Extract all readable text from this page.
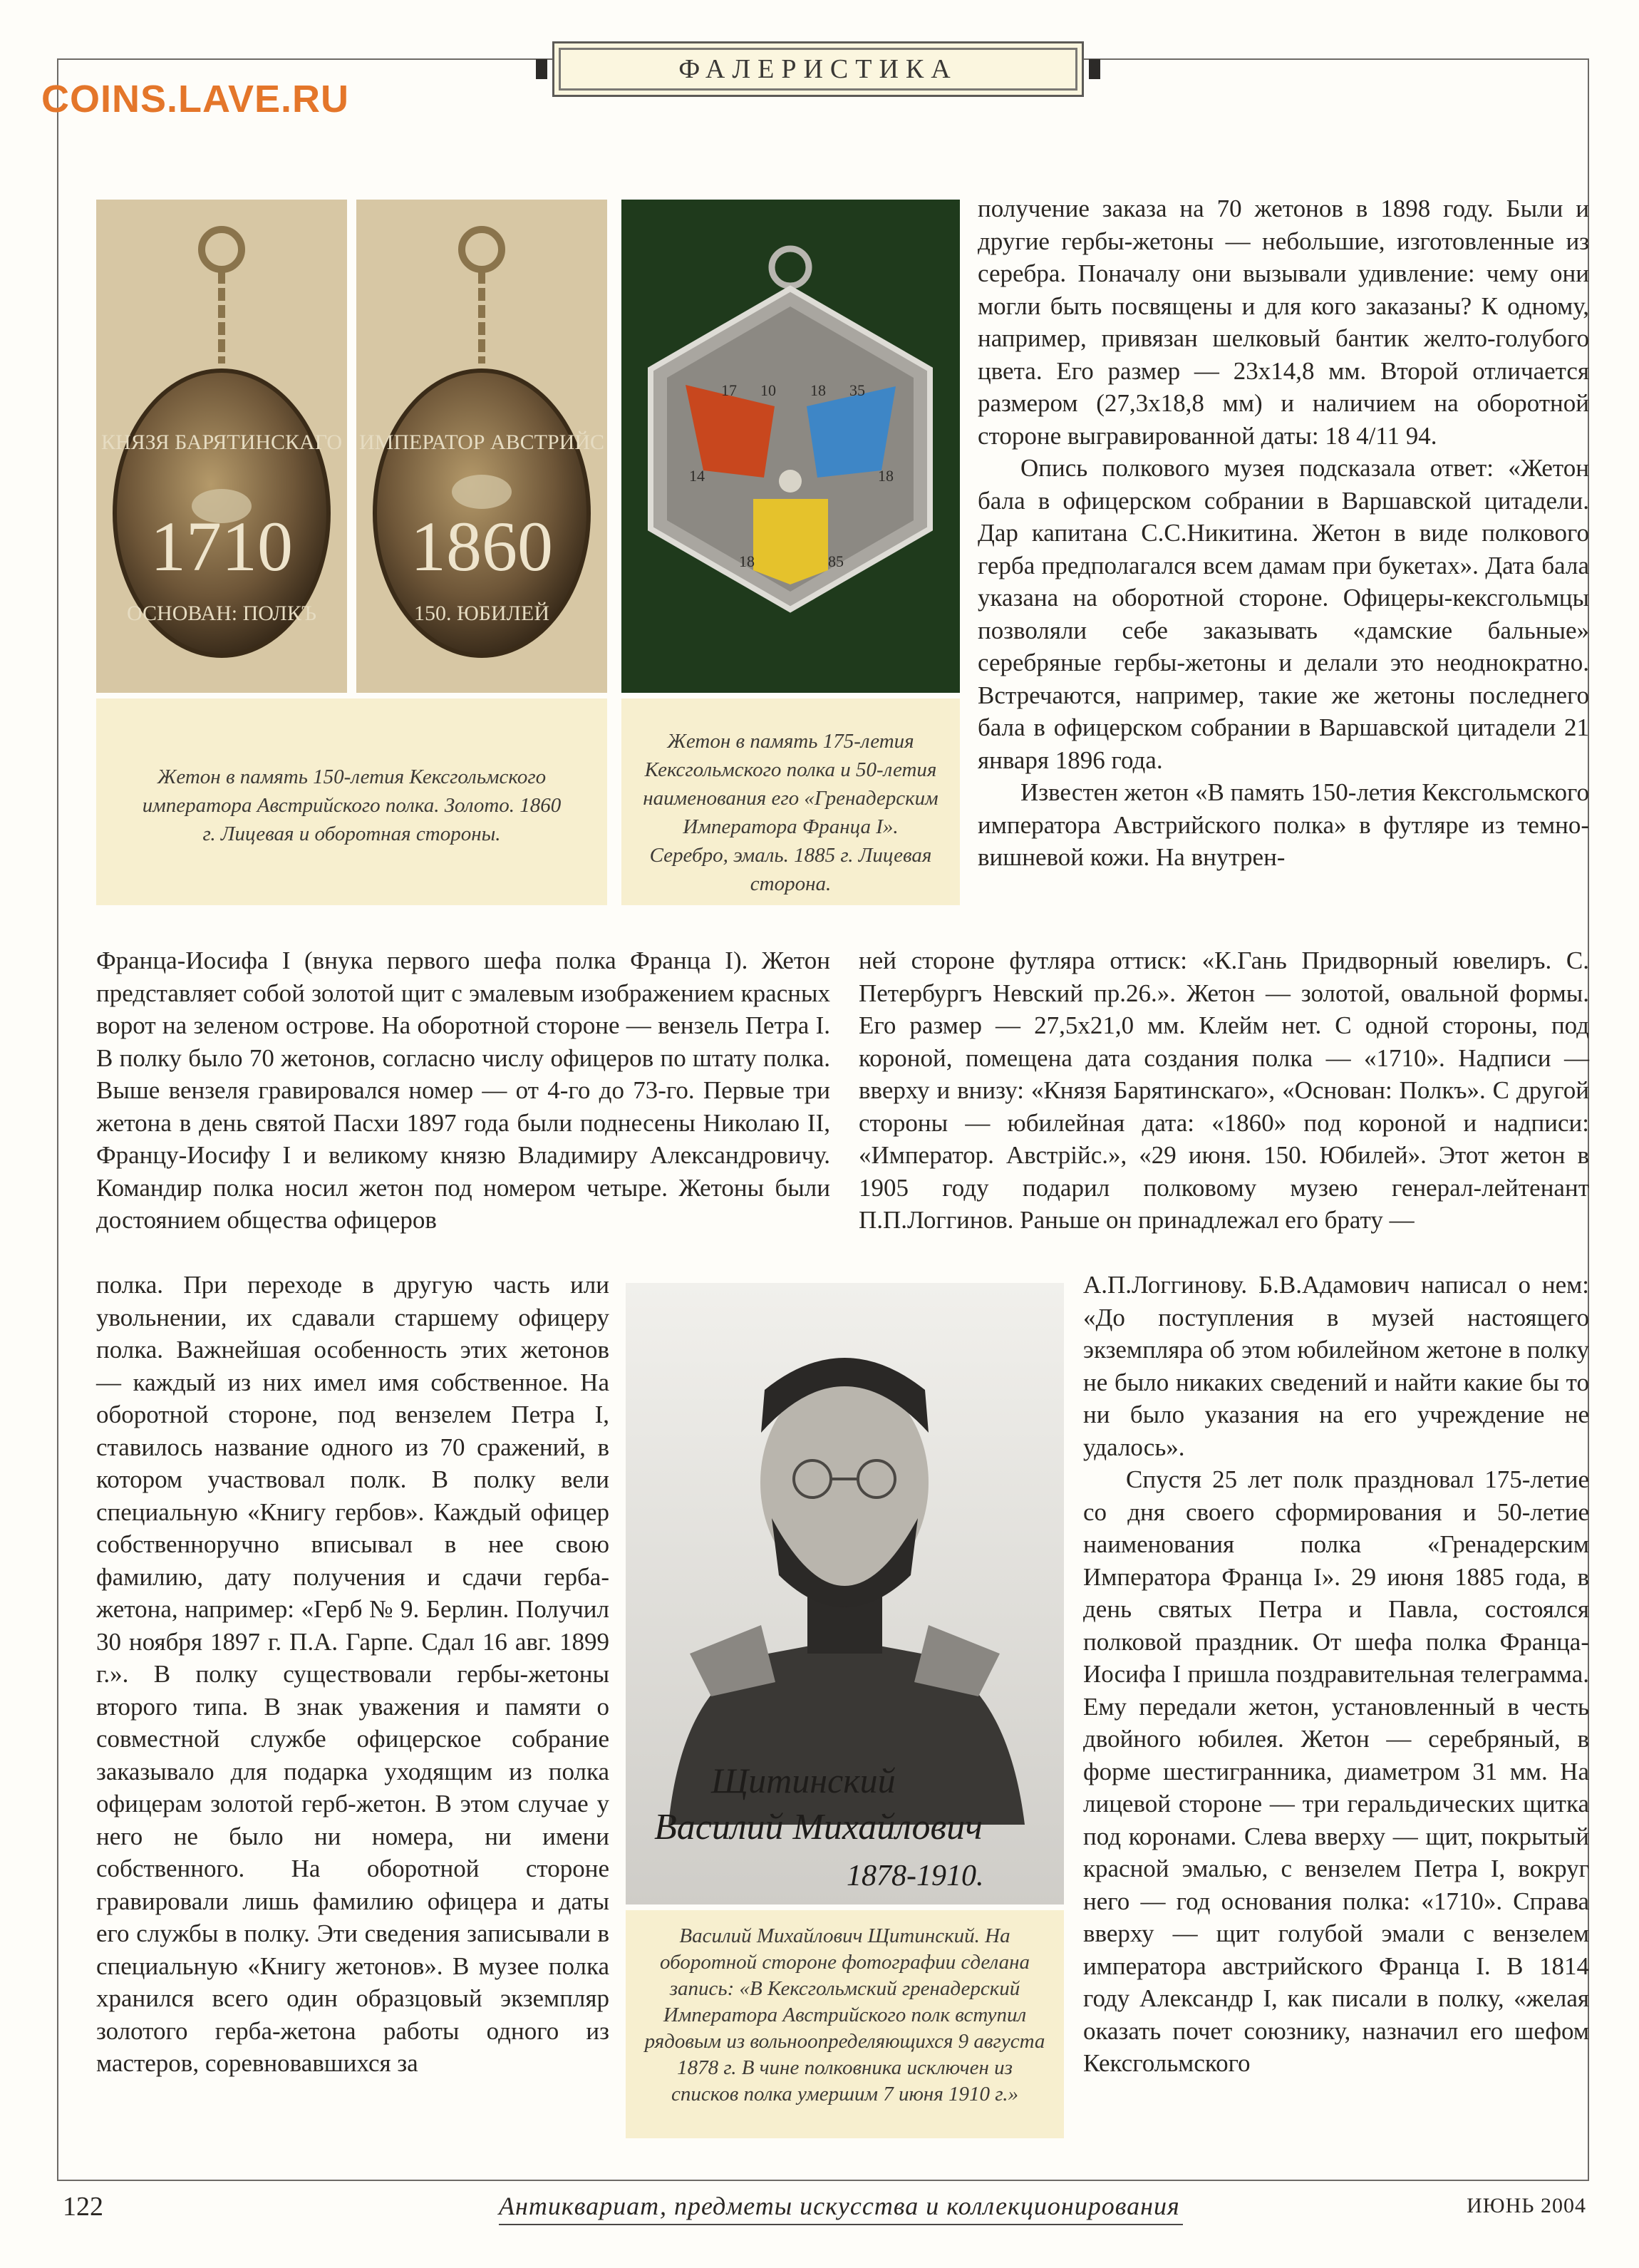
ФАЛЕРИСТИКА
COINS.LAVE.RU
КНЯЗЯ БАРЯТИНСКАГО
1710
ОСНОВАН: ПОЛКЪ
ИМПЕРАТОР АВСТРИЙС
1860
150. ЮБИЛЕЙ
Жетон в память 150-летия Кексгольмского императора Австрийского полка. Золото. 1860 г. Лицевая и оборотная стороны.
17 10 18 35
14	18
18	85
Жетон в память 175-летия Кексгольмского полка и 50-летия наименования его «Гренадерским Императора Франца I». Серебро, эмаль. 1885 г. Лицевая сторона.

получение заказа на 70 жетонов в 1898 году. Были и другие гербы-жетоны — небольшие, изготовленные из серебра. Поначалу они вызывали удивление: чему они могли быть посвящены и для кого заказаны? К одному, например, привязан шелковый бантик желто-голубого цвета. Его размер — 23х14,8 мм. Второй отличается размером (27,3х18,8 мм) и наличием на оборотной стороне выгравированной даты: 18 4/11 94.

Опись полкового музея подсказала ответ: «Жетон бала в офицерском собрании в Варшавской цитадели. Дар капитана С.С.Никитина. Жетон в виде полкового герба предполагался всем дамам при букетах». Дата бала указана на оборотной стороне. Офицеры-кексгольмцы позволяли себе заказывать «дамские бальные» серебряные гербы-жетоны и делали это неоднократно. Встречаются, например, такие же жетоны последнего бала в офицерском собрании в Варшавской цитадели 21 января 1896 года.

Известен жетон «В память 150-летия Кексгольмского императора Австрийского полка» в футляре из темно-вишневой кожи. На внутрен-

Франца-Иосифа I (внука первого шефа полка Франца I). Жетон представляет собой золотой щит с эмалевым изображением красных ворот на зеленом острове. На оборотной стороне — вензель Петра I. В полку было 70 жетонов, согласно числу офицеров по штату полка. Выше вензеля гравировался номер — от 4-го до 73-го. Первые три жетона в день святой Пасхи 1897 года были поднесены Николаю II, Францу-Иосифу I и великому князю Владимиру Александровичу. Командир полка носил жетон под номером четыре. Жетоны были достоянием общества офицеров

ней стороне футляра оттиск: «К.Гань Придворный ювелиръ. С. Петербургъ Невский пр.26.». Жетон — золотой, овальной формы. Его размер — 27,5х21,0 мм. Клейм нет. С одной стороны, под короной, помещена дата создания полка — «1710». Надписи — вверху и внизу: «Князя Барятинскаго», «Основан: Полкъ». С другой стороны — юбилейная дата: «1860» под короной и надписи: «Император. Австрійс.», «29 июня. 150. Юбилей». Этот жетон в 1905 году подарил полковому музею генерал-лейтенант П.П.Логгинов. Раньше он принадлежал его брату —

полка. При переходе в другую часть или увольнении, их сдавали старшему офицеру полка. Важнейшая особенность этих жетонов — каждый из них имел имя собственное. На оборотной стороне, под вензелем Петра I, ставилось название одного из 70 сражений, в котором участвовал полк. В полку вели специальную «Книгу гербов». Каждый офицер собственноручно вписывал в нее свою фамилию, дату получения и сдачи герба-жетона, например: «Герб № 9. Берлин. Получил 30 ноября 1897 г. П.А. Гарпе. Сдал 16 авг. 1899 г.». В полку существовали гербы-жетоны второго типа. В знак уважения и памяти о совместной службе офицерское собрание заказывало для подарка уходящим из полка офицерам золотой герб-жетон. В этом случае у него не было ни номера, ни имени собственного. На оборотной стороне гравировали лишь фамилию офицера и даты его службы в полку. Эти сведения записывали в специальную «Книгу жетонов». В музее полка хранился всего один образцовый экземпляр золотого герба-жетона работы одного из мастеров, соревновавшихся за

Щитинский
Василий Михайлович
1878-1910.
Василий Михайлович Щитинский. На оборотной стороне фотографии сделана запись: «В Кексгольмский гренадерский Императора Австрийского полк вступил рядовым из вольноопределяющихся 9 августа 1878 г. В чине полковника исключен из списков полка умершим 7 июня 1910 г.»

А.П.Логгинову. Б.В.Адамович написал о нем: «До поступления в музей настоящего экземпляра об этом юбилейном жетоне в полку не было никаких сведений и найти какие бы то ни было указания на его учреждение не удалось».

Спустя 25 лет полк праздновал 175-летие со дня своего сформирования и 50-летие наименования полка «Гренадерским Императора Франца I». 29 июня 1885 года, в день святых Петра и Павла, состоялся полковой праздник. От шефа полка Франца-Иосифа I пришла поздравительная телеграмма. Ему передали жетон, установленный в честь двойного юбилея. Жетон — серебряный, в форме шестигранника, диаметром 31 мм. На лицевой стороне — три геральдических щитка под коронами. Слева вверху — щит, покрытый красной эмалью, с вензелем Петра I, вокруг него — год основания полка: «1710». Справа вверху — щит голубой эмали с вензелем императора австрийского Франца I. В 1814 году Александр I, как писали в полку, «желая оказать почет союзнику, назначил его шефом Кексгольмского

122	Антиквариат, предметы искусства и коллекционирования	ИЮНЬ 2004
